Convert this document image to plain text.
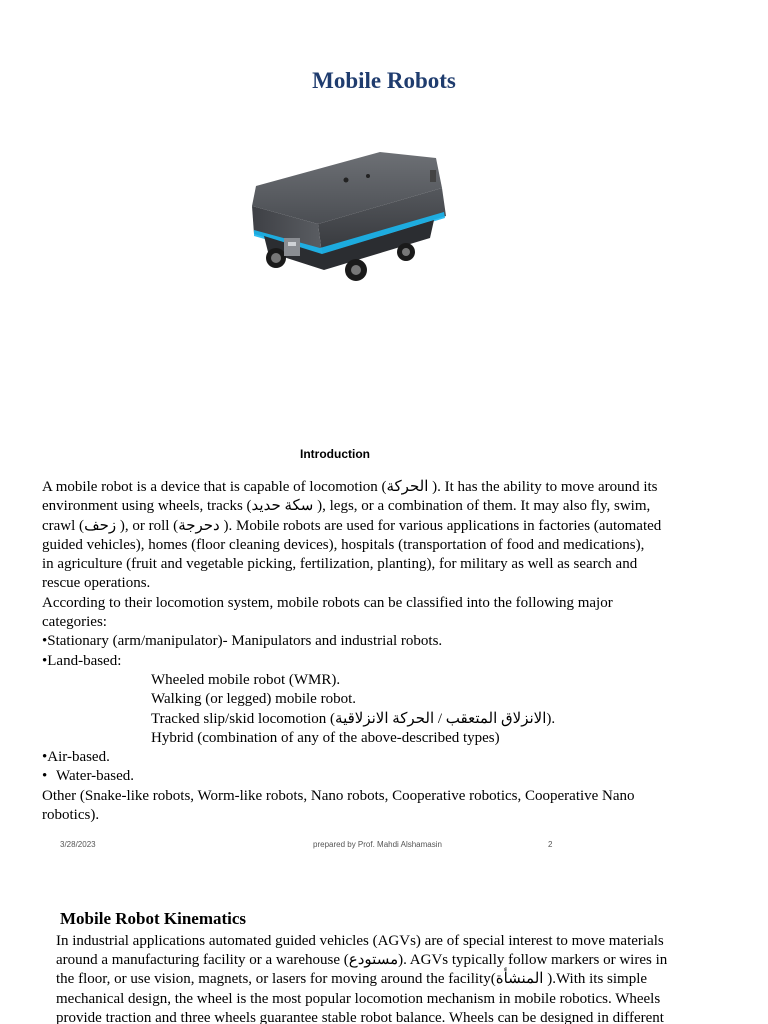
Mobile Robots
Introduction

A mobile robot is a device that is capable of locomotion (الحركة ). It has the ability to move around its

environment using wheels, tracks (سكة حديد ), legs, or a combination of them. It may also fly, swim,

crawl (زحف ), or roll (دحرجة ). Mobile robots are used for various applications in factories (automated

guided vehicles), homes (floor cleaning devices), hospitals (transportation of food and medications),

in agriculture (fruit and vegetable picking, fertilization, planting), for military as well as search and

rescue operations.

According to their locomotion system, mobile robots can be classified into the following major

categories:

•Stationary (arm/manipulator)- Manipulators and industrial robots.

•Land-based:

Wheeled mobile robot (WMR).

Walking (or legged) mobile robot.

Tracked slip/skid locomotion (الانزلاق المتعقب / الحركة الانزلاقية).

Hybrid (combination of any of the above-described types)

•Air-based.

• Water-based.

Other (Snake-like robots, Worm-like robots, Nano robots, Cooperative robotics, Cooperative Nano

robotics).

3/28/2023	prepared by Prof. Mahdi Alshamasin	2
Mobile Robot Kinematics

In industrial applications automated guided vehicles (AGVs) are of special interest to move materials

around a manufacturing facility or a warehouse (مستودع). AGVs typically follow markers or wires in

the floor, or use vision, magnets, or lasers for moving around the facility(المنشأة ).With its simple

mechanical design, the wheel is the most popular locomotion mechanism in mobile robotics. Wheels

provide traction and three wheels guarantee stable robot balance. Wheels can be designed in different
